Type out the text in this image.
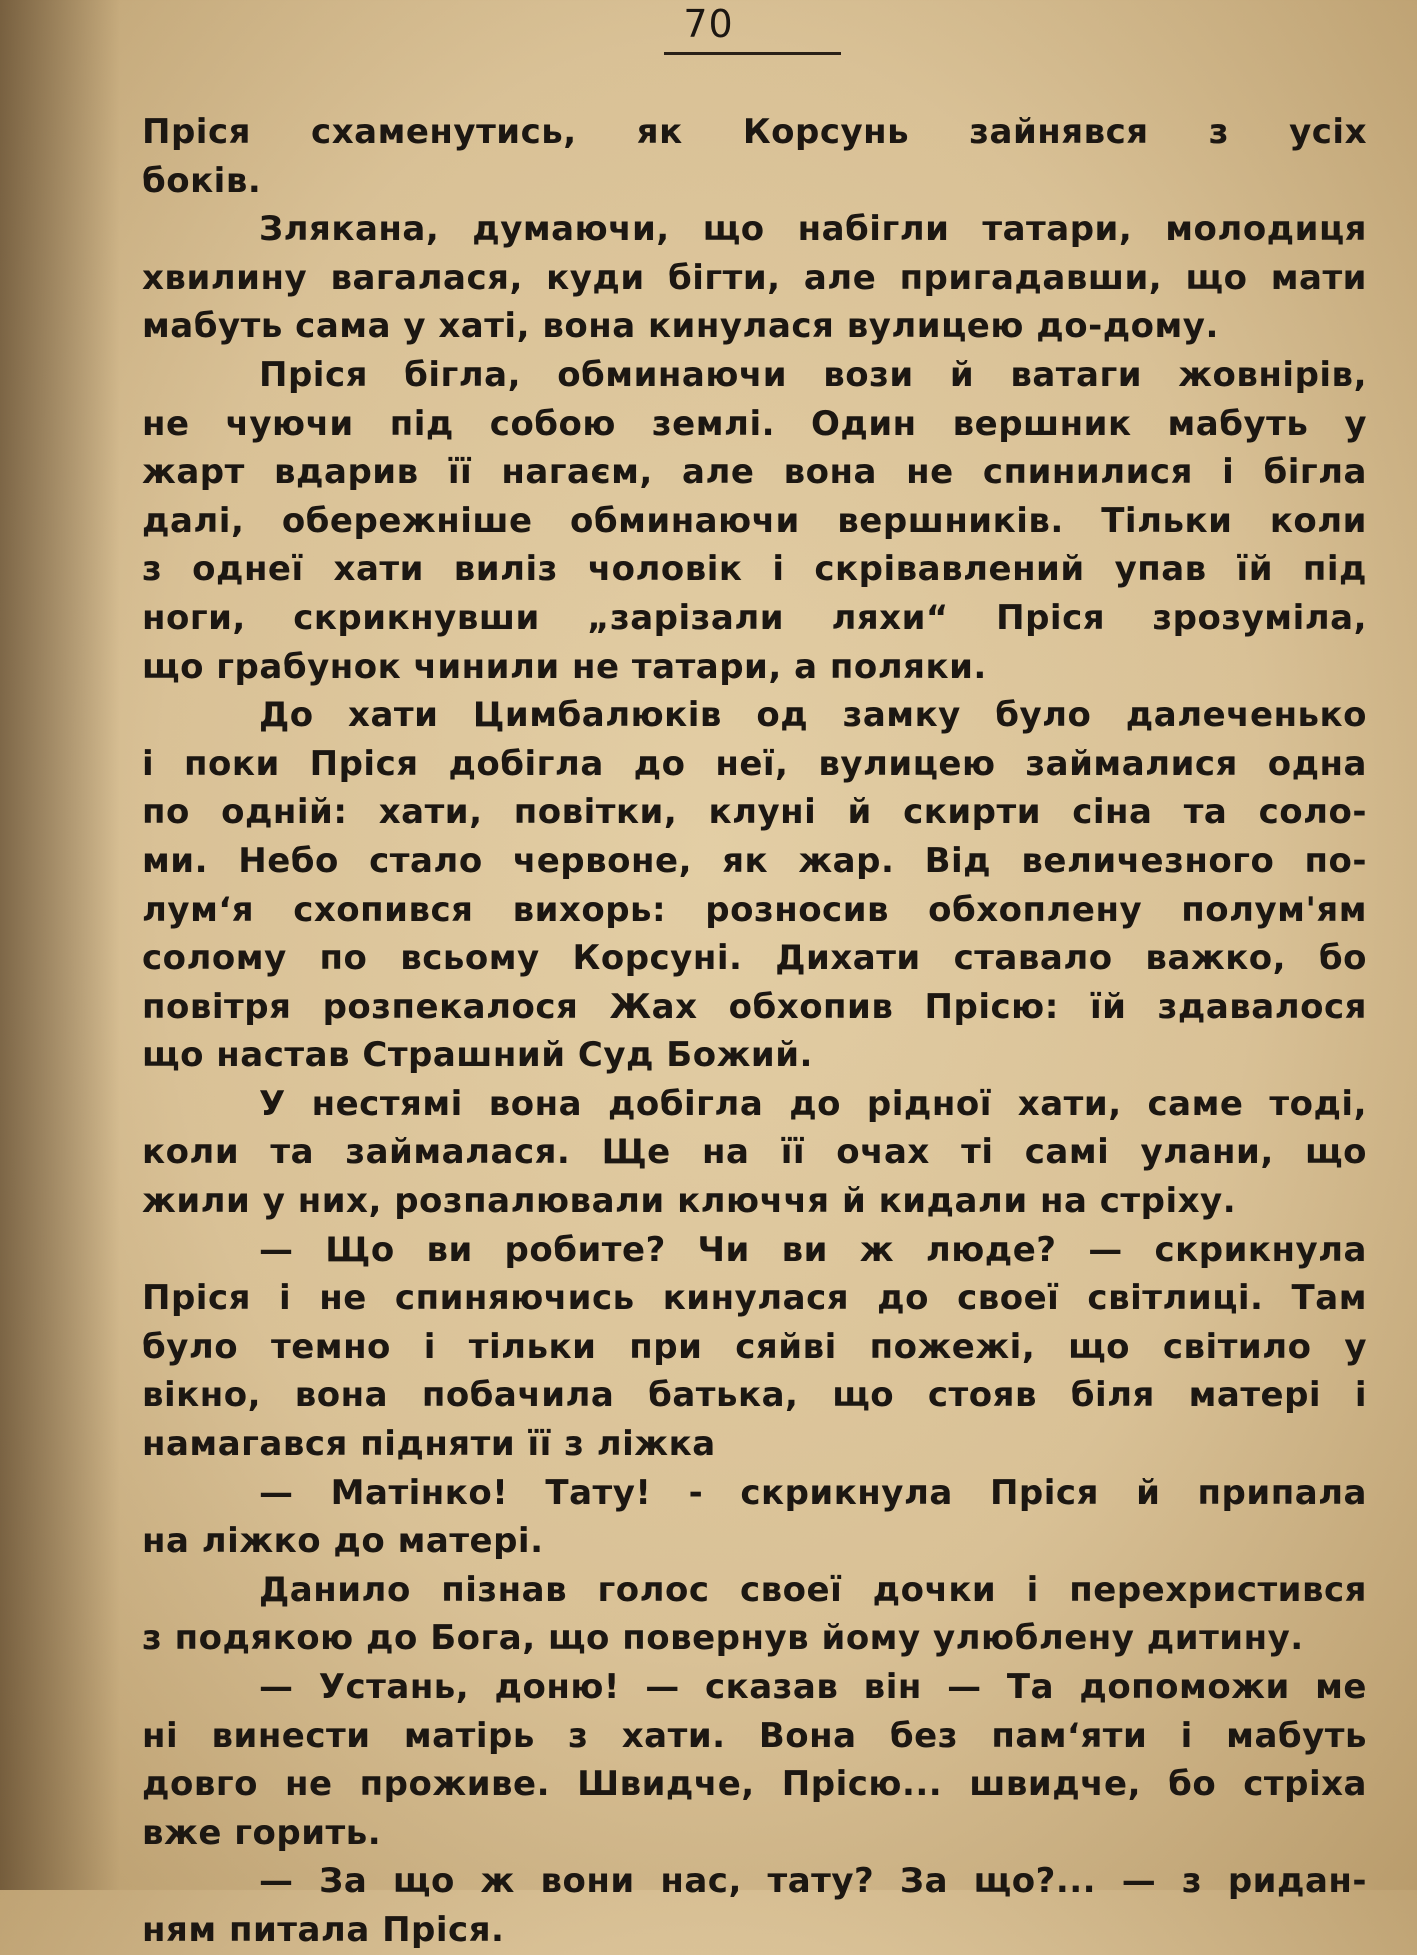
70
Пріся схаменутись, як Корсунь зайнявся з усіх
боків.
Злякана, думаючи, що набігли татари, молодиця
хвилину вагалася, куди бігти, але пригадавши, що мати
мабуть сама у хаті, вона кинулася вулицею до-дому.
Пріся бігла, обминаючи вози й ватаги жовнірів,
не чуючи під собою землі. Один вершник мабуть у
жарт вдарив її нагаєм, але вона не спинилися і бігла
далі, обережніше обминаючи вершників. Тільки коли
з однеї хати виліз чоловік і скрівавлений упав їй під
ноги, скрикнувши „зарізали ляхи“ Пріся зрозуміла,
що грабунок чинили не татари, а поляки.
До хати Цимбалюків од замку було далеченько
і поки Пріся добігла до неї, вулицею займалися одна
по одній: хати, повітки, клуні й скирти сіна та соло-
ми. Небо стало червоне, як жар. Від величезного по-
лум‘я схопився вихорь: розносив обхоплену полум'ям
солому по всьому Корсуні. Дихати ставало важко, бо
повітря розпекалося Жах обхопив Прісю: їй здавалося
що настав Страшний Суд Божий.
У нестямі вона добігла до рідної хати, саме тоді,
коли та займалася. Ще на її очах ті самі улани, що
жили у них, розпалювали ключчя й кидали на стріху.
— Що ви робите? Чи ви ж люде? — скрикнула
Пріся і не спиняючись кинулася до своеї світлиці. Там
було темно і тільки при сяйві пожежі, що світило у
вікно, вона побачила батька, що стояв біля матері і
намагався підняти її з ліжка
— Матінко! Тату! - скрикнула Пріся й припала
на ліжко до матері.
Данило пізнав голос своеї дочки і перехристився
з подякою до Бога, що повернув йому улюблену дитину.
— Устань, доню! — сказав він — Та допоможи ме
ні винести матірь з хати. Вона без пам‘яти і мабуть
довго не проживе. Швидче, Прісю... швидче, бо стріха
вже горить.
— За що ж вони нас, тату? За що?... — з ридан-
ням питала Пріся.
